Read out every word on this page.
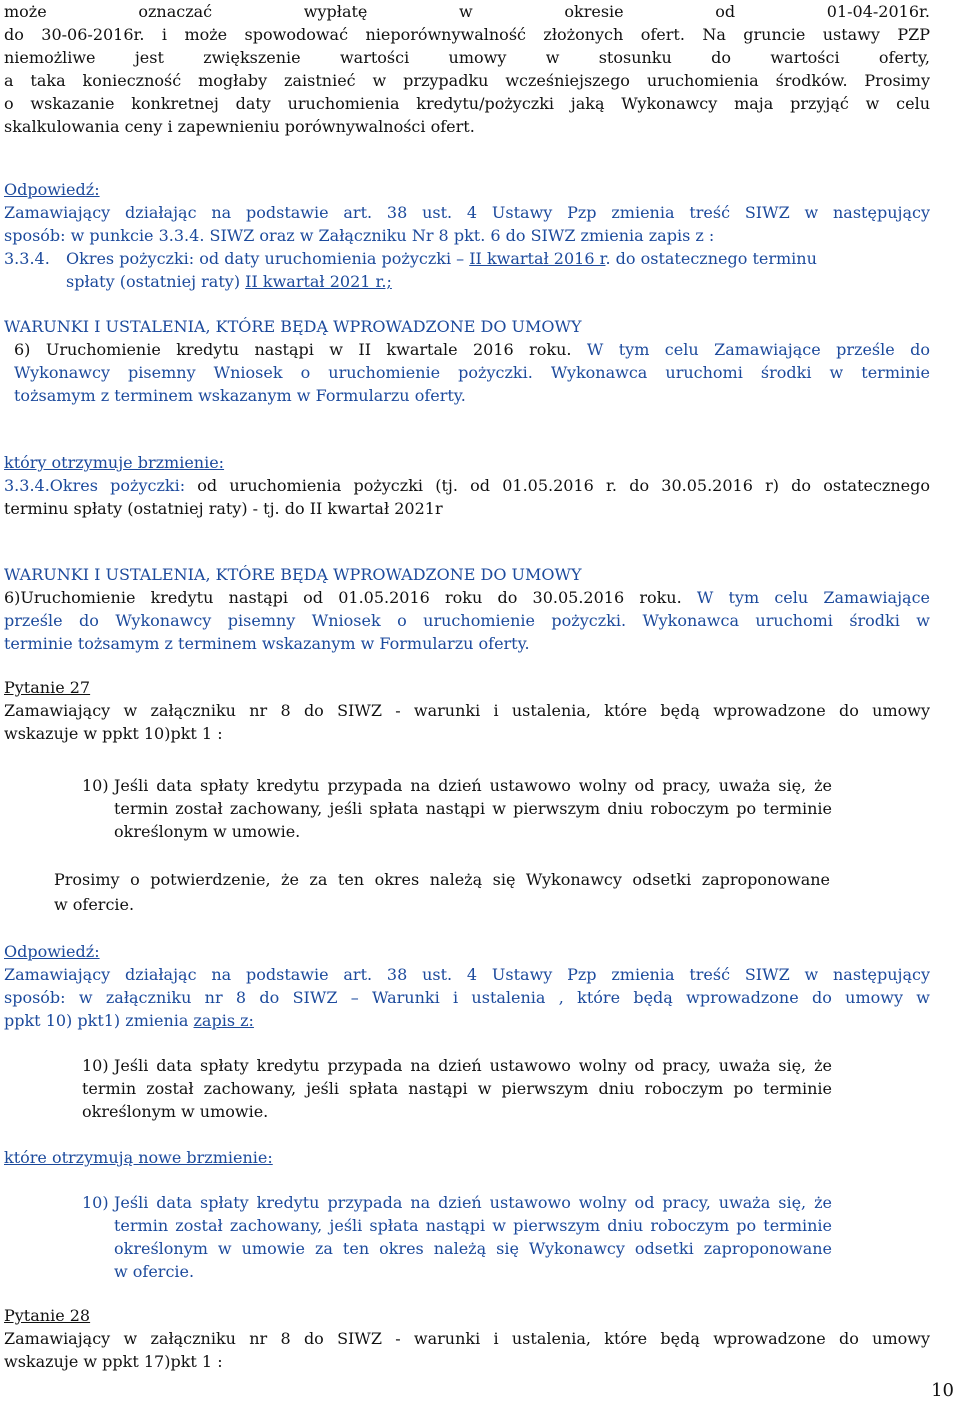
może oznaczać wypłatę w okresie od 01-04-2016r.

do 30-06-2016r. i może spowodować nieporównywalność złożonych ofert. Na gruncie ustawy PZP

niemożliwe jest zwiększenie wartości umowy w stosunku do wartości oferty,

a taka konieczność mogłaby zaistnieć w przypadku wcześniejszego uruchomienia środków. Prosimy

o wskazanie konkretnej daty uruchomienia kredytu/pożyczki jaką Wykonawcy maja przyjąć w celu

skalkulowania ceny i zapewnieniu porównywalności ofert.

Odpowiedź:

Zamawiający działając na podstawie art. 38 ust. 4 Ustawy Pzp zmienia treść SIWZ w następujący

sposób: w punkcie 3.3.4. SIWZ oraz w Załączniku Nr 8 pkt. 6 do SIWZ zmienia zapis z :

3.3.4. Okres pożyczki: od daty uruchomienia pożyczki – II kwartał 2016 r. do ostatecznego terminu

spłaty (ostatniej raty) II kwartał 2021 r.;

WARUNKI I USTALENIA, KTÓRE BĘDĄ WPROWADZONE DO UMOWY

6) Uruchomienie kredytu nastąpi w II kwartale 2016 roku. W tym celu Zamawiające prześle do

Wykonawcy pisemny Wniosek o uruchomienie pożyczki. Wykonawca uruchomi środki w terminie

tożsamym z terminem wskazanym w Formularzu oferty.

który otrzymuje brzmienie:

3.3.4.Okres pożyczki: od uruchomienia pożyczki (tj. od 01.05.2016 r. do 30.05.2016 r) do ostatecznego

terminu spłaty (ostatniej raty) - tj. do II kwartał 2021r

WARUNKI I USTALENIA, KTÓRE BĘDĄ WPROWADZONE DO UMOWY

6)Uruchomienie kredytu nastąpi od 01.05.2016 roku do 30.05.2016 roku. W tym celu Zamawiające

prześle do Wykonawcy pisemny Wniosek o uruchomienie pożyczki. Wykonawca uruchomi środki w

terminie tożsamym z terminem wskazanym w Formularzu oferty.

Pytanie 27

Zamawiający w załączniku nr 8 do SIWZ - warunki i ustalenia, które będą wprowadzone do umowy

wskazuje w ppkt 10)pkt 1 :

10) Jeśli data spłaty kredytu przypada na dzień ustawowo wolny od pracy, uważa się, że

termin został zachowany, jeśli spłata nastąpi w pierwszym dniu roboczym po terminie

określonym w umowie.

Prosimy o potwierdzenie, że za ten okres należą się Wykonawcy odsetki zaproponowane

w ofercie.

Odpowiedź:

Zamawiający działając na podstawie art. 38 ust. 4 Ustawy Pzp zmienia treść SIWZ w następujący

sposób: w załączniku nr 8 do SIWZ – Warunki i ustalenia , które będą wprowadzone do umowy w

ppkt 10) pkt1) zmienia zapis z:

10) Jeśli data spłaty kredytu przypada na dzień ustawowo wolny od pracy, uważa się, że

termin został zachowany, jeśli spłata nastąpi w pierwszym dniu roboczym po terminie

określonym w umowie.

które otrzymują nowe brzmienie:

10) Jeśli data spłaty kredytu przypada na dzień ustawowo wolny od pracy, uważa się, że

termin został zachowany, jeśli spłata nastąpi w pierwszym dniu roboczym po terminie

określonym w umowie za ten okres należą się Wykonawcy odsetki zaproponowane

w ofercie.

Pytanie 28

Zamawiający w załączniku nr 8 do SIWZ - warunki i ustalenia, które będą wprowadzone do umowy

wskazuje w ppkt 17)pkt 1 :

10
